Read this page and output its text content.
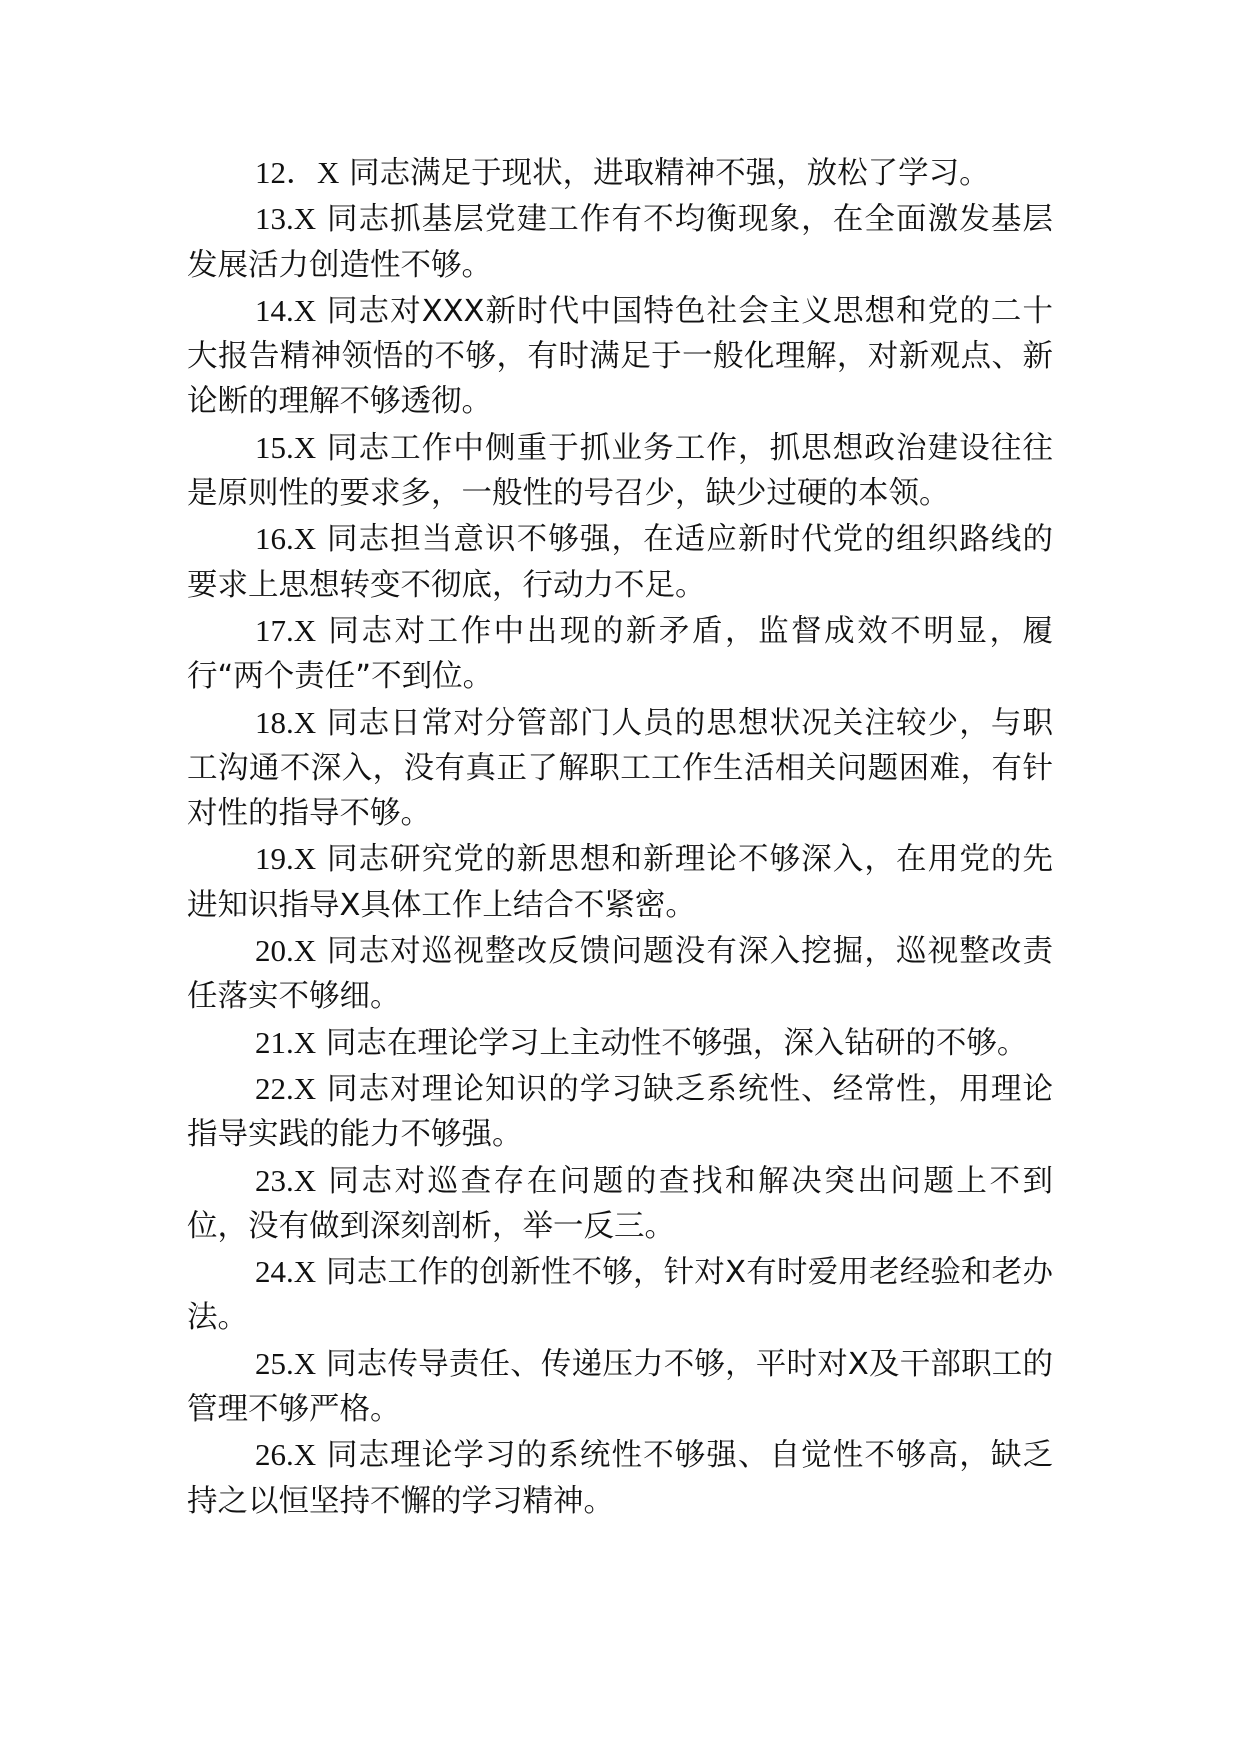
12．X 同志满足于现状，进取精神不强，放松了学习。

13.X 同志抓基层党建工作有不均衡现象，在全面激发基层发展活力创造性不够。

14.X 同志对XXX新时代中国特色社会主义思想和党的二十大报告精神领悟的不够，有时满足于一般化理解，对新观点、新论断的理解不够透彻。

15.X 同志工作中侧重于抓业务工作，抓思想政治建设往往是原则性的要求多，一般性的号召少，缺少过硬的本领。

16.X 同志担当意识不够强，在适应新时代党的组织路线的要求上思想转变不彻底，行动力不足。

17.X 同志对工作中出现的新矛盾，监督成效不明显，履行“两个责任”不到位。

18.X 同志日常对分管部门人员的思想状况关注较少，与职工沟通不深入，没有真正了解职工工作生活相关问题困难，有针对性的指导不够。

19.X 同志研究党的新思想和新理论不够深入，在用党的先进知识指导X具体工作上结合不紧密。

20.X 同志对巡视整改反馈问题没有深入挖掘，巡视整改责任落实不够细。

21.X 同志在理论学习上主动性不够强，深入钻研的不够。

22.X 同志对理论知识的学习缺乏系统性、经常性，用理论指导实践的能力不够强。

23.X 同志对巡查存在问题的查找和解决突出问题上不到位，没有做到深刻剖析，举一反三。

24.X 同志工作的创新性不够，针对X有时爱用老经验和老办法。

25.X 同志传导责任、传递压力不够，平时对X及干部职工的管理不够严格。

26.X 同志理论学习的系统性不够强、自觉性不够高，缺乏持之以恒坚持不懈的学习精神。
